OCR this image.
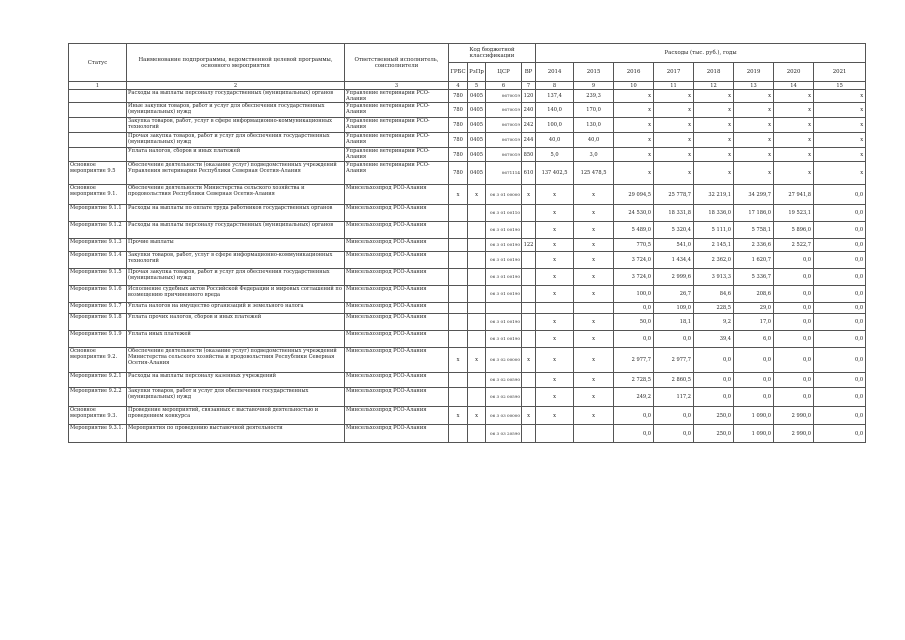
Статус	Наименование подпрограммы, ведомственной целевой программы, основного мероприятия	Ответственный исполнитель, соисполнители	Код бюджетной классификации				Расходы (тыс. руб.), годы							
			ГРБС	РзПр	ЦСР	ВР	2014	2015	2016	2017	2018	2019	2020	2021
1	2	3	4	5	6	7	8	9	10	11	12	13	14	15
	Расходы на выплаты персоналу государственных (муниципальных) органов	Управление ветеринарии РСО-Алания	780	0405	0670019	120	137,4	239,3	x	x	x	x	x	x
	Иные закупки товаров, работ и услуг для обеспечения государственных (муниципальных) нужд	Управление ветеринарии РСО-Алания	780	0405	0670019	240	140,0	170,0	x	x	x	x	x	x
	Закупка товаров, работ, услуг в сфере информационно-коммуникационных технологий	Управление ветеринарии РСО-Алания	780	0405	0670019	242	100,0	130,0	x	x	x	x	x	x
	Прочая закупка товаров, работ и услуг для обеспечения государственных (муниципальных) нужд	Управление ветеринарии РСО-Алания	780	0405	0670019	244	40,0	40,0	x	x	x	x	x	x
	Уплата налогов, сборов и иных платежей	Управление ветеринарии РСО-Алания	780	0405	0670019	850	5,0	3,0	x	x	x	x	x	x
Основное мероприятие 9.5	Обеспечение деятельности (оказание услуг) подведомственных учреждений Управления ветеринарии Республики Северная Осетия-Алания	Управление ветеринарии РСО-Алания	780	0405	0671114	610	137 402,5	125 478,5	x	x	x	x	x	x
Основное мероприятие 9.1.	Обеспечение деятельности Министерства сельского хозяйства и продовольствия Республики Северная Осетия-Алания	Минсельхозпрод РСО-Алания	x	x	06 3 01 00000	x	x	x	29 094,5	25 778,7	32 219,1	34 299,7	27 941,8	0,0
Мероприятие 9.1.1	Расходы на выплаты по оплате труда работников государственных органов	Минсельхозпрод РСО-Алания			06 3 01 00110		x	x	24 530,0	18 331,8	18 336,0	17 186,0	19 523,1	0,0
Мероприятие 9.1.2	Расходы на выплаты персоналу государственных (муниципальных) органов	Минсельхозпрод РСО-Алания			06 3 01 00190		x	x	5 489,0	5 320,4	5 111,0	5 758,1	5 896,0	0,0
Мероприятие 9.1.3	Прочие выплаты	Минсельхозпрод РСО-Алания			06 3 01 00190	122	x	x	770,5	541,0	2 145,1	2 336,6	2 522,7	0,0
Мероприятие 9.1.4	Закупки товаров, работ, услуг в сфере информационно-коммуникационных технологий	Минсельхозпрод РСО-Алания			06 3 01 00190		x	x	3 724,0	1 434,4	2 362,0	1 620,7	0,0	0,0
Мероприятие 9.1.5	Прочая закупка товаров, работ и услуг для обеспечения государственных (муниципальных) нужд	Минсельхозпрод РСО-Алания			06 3 01 00190		x	x	3 724,0	2 999,6	3 913,3	5 336,7	0,0	0,0
Мероприятие 9.1.6	Исполнение судебных актов Российской Федерации и мировых соглашений по возмещению причиненного вреда	Минсельхозпрод РСО-Алания			06 3 01 00190		x	x	100,0	26,7	84,6	208,6	0,0	0,0
Мероприятие 9.1.7	Уплата налогов на имущество организаций и земельного налога	Минсельхозпрод РСО-Алания							0,0	109,0	228,5	29,0	0,0	0,0
Мероприятие 9.1.8	Уплата прочих налогов, сборов и иных платежей	Минсельхозпрод РСО-Алания			06 3 01 00190		x	x	50,0	18,1	9,2	17,0	0,0	0,0
Мероприятие 9.1.9	Уплата иных платежей	Минсельхозпрод РСО-Алания			06 3 01 00190		x	x	0,0	0,0	39,4	6,0	0,0	0,0
Основное мероприятие 9.2.	Обеспечение деятельности (оказание услуг) подведомственных учреждений Министерства сельского хозяйства и продовольствия Республики Северная Осетия-Алания	Минсельхозпрод РСО-Алания	x	x	06 3 02 00000	x	x	x	2 977,7	2 977,7	0,0	0,0	0,0	0,0
Мероприятие 9.2.1	Расходы на выплаты персоналу казенных учреждений	Минсельхозпрод РСО-Алания			06 3 02 00590		x	x	2 728,5	2 860,5	0,0	0,0	0,0	0,0
Мероприятие 9.2.2	Закупки товаров, работ и услуг для обеспечения государственных (муниципальных) нужд	Минсельхозпрод РСО-Алания			06 3 02 00590		x	x	249,2	117,2	0,0	0,0	0,0	0,0
Основное мероприятие 9.3.	Проведение мероприятий, связанных с выставочной деятельностью и проведением конкурса	Минсельхозпрод РСО-Алания	x	x	06 3 03 00000	x	x	x	0,0	0,0	250,0	1 090,0	2 990,0	0,0
Мероприятие 9.3.1.	Мероприятия по проведению выставочной деятельности	Минсельхозпрод РСО-Алания			06 3 03 20590				0,0	0,0	250,0	1 090,0	2 990,0	0,0
